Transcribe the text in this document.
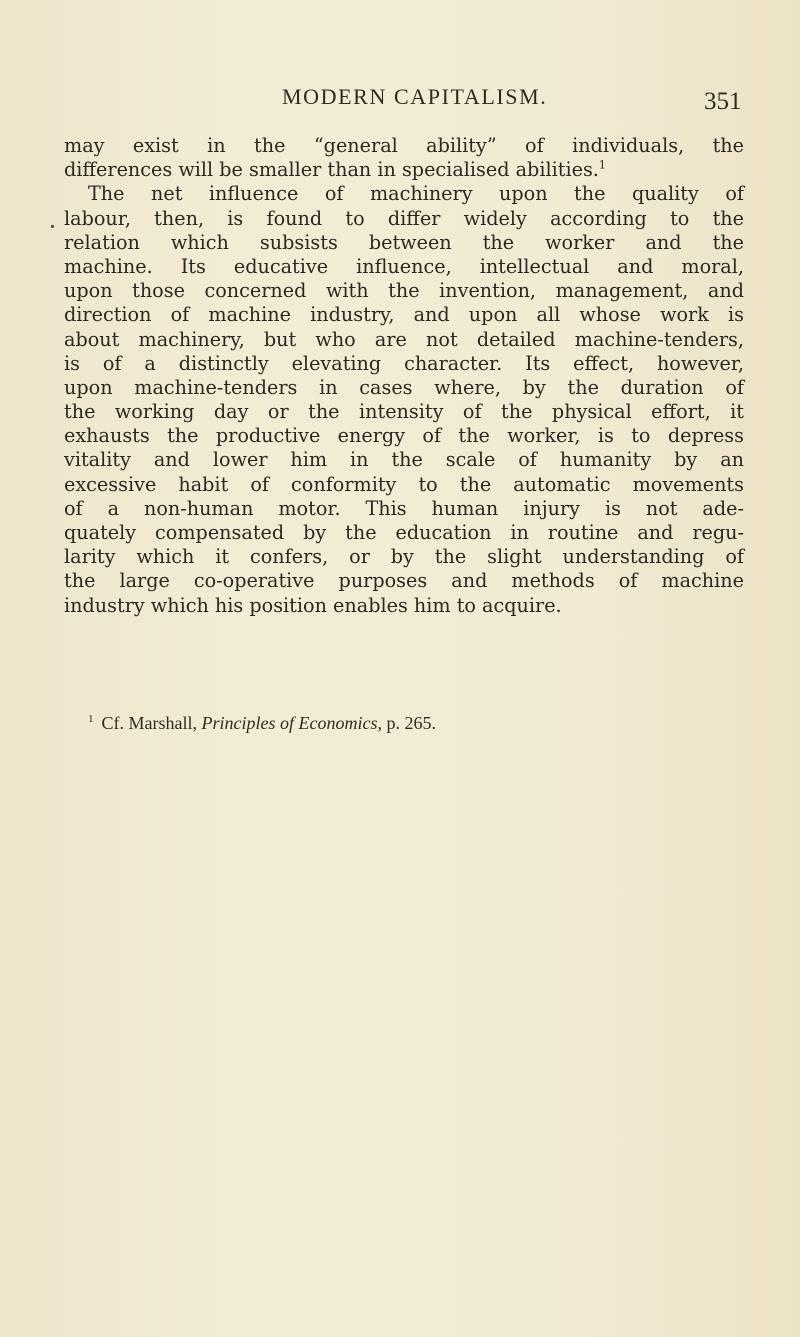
MODERN CAPITALISM.	351
may exist in the “general ability” of individuals, the
differences will be smaller than in specialised abilities.$^1$
The net influence of machinery upon the quality of
labour, then, is found to differ widely according to the
relation which subsists between the worker and the
machine. Its educative influence, intellectual and moral,
upon those concerned with the invention, management, and
direction of machine industry, and upon all whose work is
about machinery, but who are not detailed machine-tenders,
is of a distinctly elevating character. Its effect, however,
upon machine-tenders in cases where, by the duration of
the working day or the intensity of the physical effort, it
exhausts the productive energy of the worker, is to depress
vitality and lower him in the scale of humanity by an
excessive habit of conformity to the automatic movements
of a non-human motor. This human injury is not ade-
quately compensated by the education in routine and regu-
larity which it confers, or by the slight understanding of
the large co-operative purposes and methods of machine
industry which his position enables him to acquire.
$^1$ Cf. Marshall, Principles of Economics, p. 265.
